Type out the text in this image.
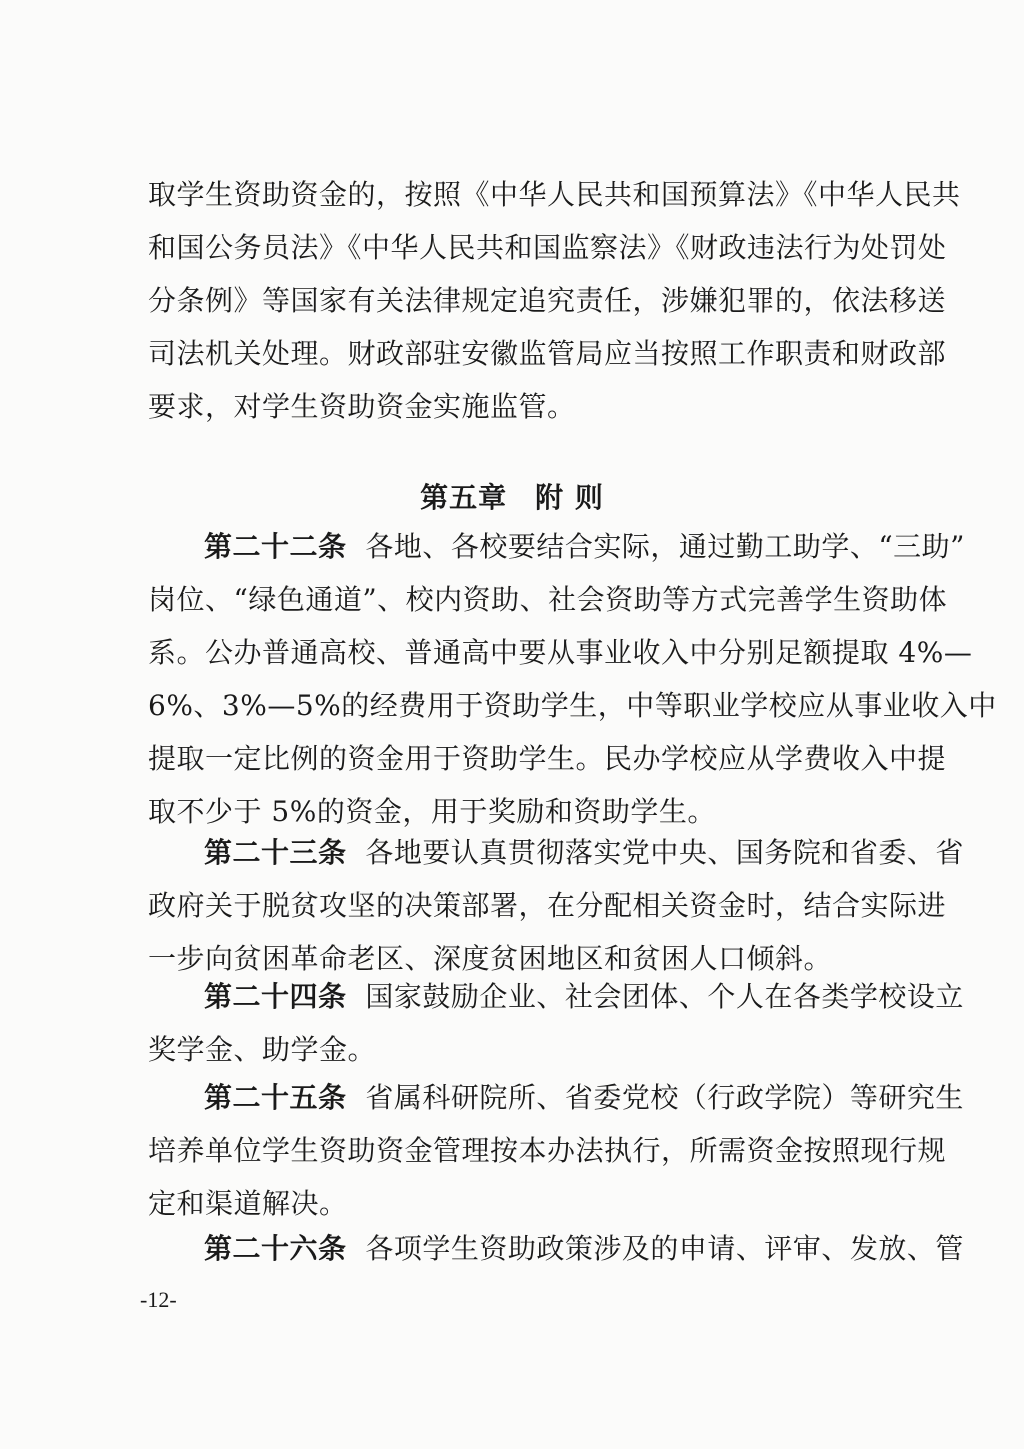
取学生资助资金的，按照《中华人民共和国预算法》《中华人民共
和国公务员法》《中华人民共和国监察法》《财政违法行为处罚处
分条例》等国家有关法律规定追究责任，涉嫌犯罪的，依法移送
司法机关处理。财政部驻安徽监管局应当按照工作职责和财政部
要求，对学生资助资金实施监管。
第五章 附 则
第二十二条 各地、各校要结合实际，通过勤工助学、“三助”
岗位、“绿色通道”、校内资助、社会资助等方式完善学生资助体
系。公办普通高校、普通高中要从事业收入中分别足额提取 4%—
6%、3%—5%的经费用于资助学生，中等职业学校应从事业收入中
提取一定比例的资金用于资助学生。民办学校应从学费收入中提
取不少于 5%的资金，用于奖励和资助学生。
第二十三条 各地要认真贯彻落实党中央、国务院和省委、省
政府关于脱贫攻坚的决策部署，在分配相关资金时，结合实际进
一步向贫困革命老区、深度贫困地区和贫困人口倾斜。
第二十四条 国家鼓励企业、社会团体、个人在各类学校设立
奖学金、助学金。
第二十五条 省属科研院所、省委党校（行政学院）等研究生
培养单位学生资助资金管理按本办法执行，所需资金按照现行规
定和渠道解决。
第二十六条 各项学生资助政策涉及的申请、评审、发放、管
-12-
